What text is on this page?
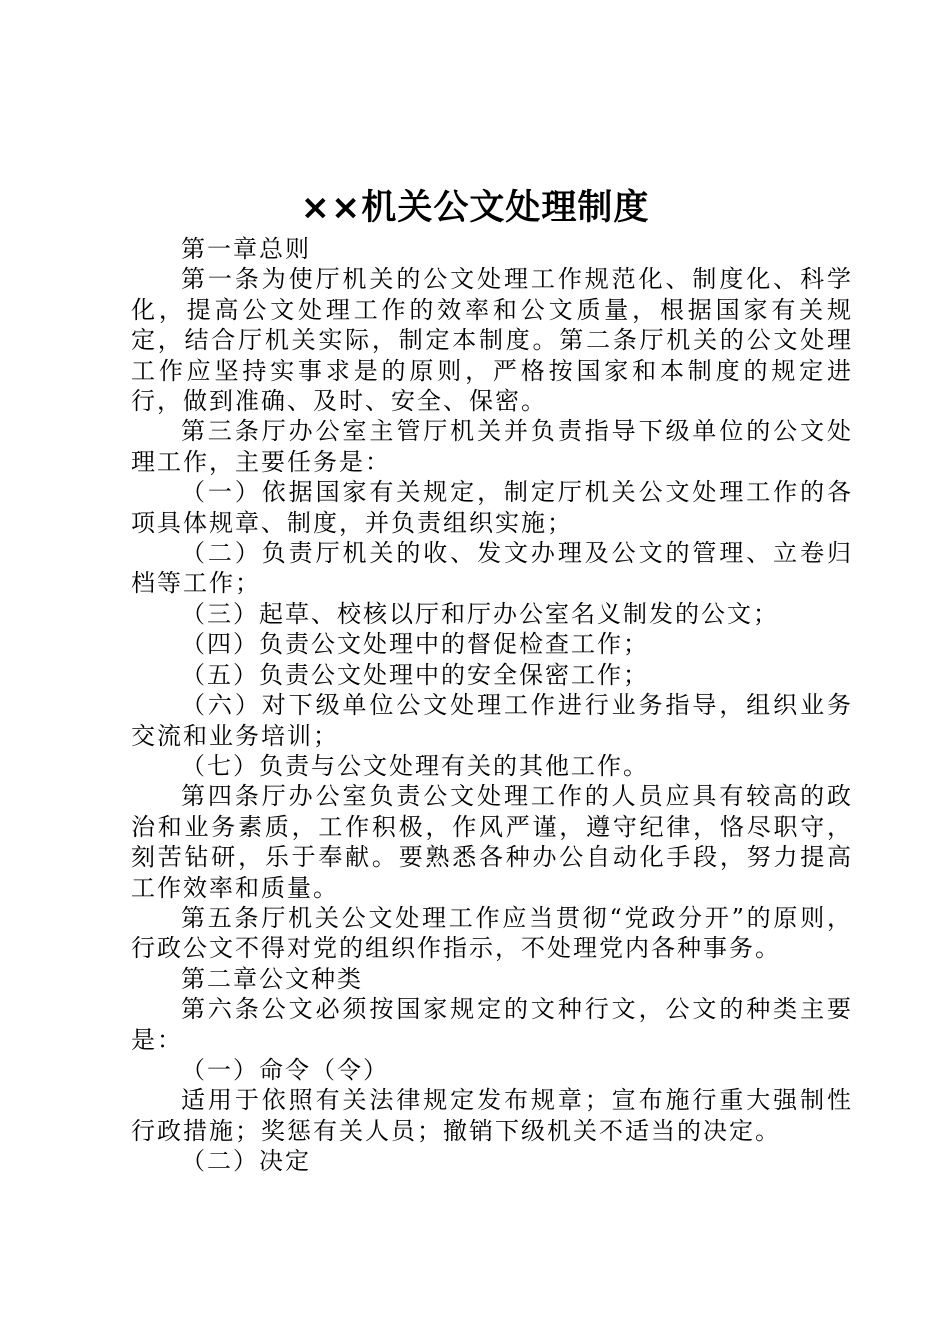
××机关公文处理制度

第一章总则

第一条为使厅机关的公文处理工作规范化、制度化、科学化，提高公文处理工作的效率和公文质量，根据国家有关规定，结合厅机关实际，制定本制度。第二条厅机关的公文处理工作应坚持实事求是的原则，严格按国家和本制度的规定进行，做到准确、及时、安全、保密。

第三条厅办公室主管厅机关并负责指导下级单位的公文处理工作，主要任务是：

（一）依据国家有关规定，制定厅机关公文处理工作的各项具体规章、制度，并负责组织实施；

（二）负责厅机关的收、发文办理及公文的管理、立卷归档等工作；

（三）起草、校核以厅和厅办公室名义制发的公文；

（四）负责公文处理中的督促检查工作；

（五）负责公文处理中的安全保密工作；

（六）对下级单位公文处理工作进行业务指导，组织业务交流和业务培训；

（七）负责与公文处理有关的其他工作。

第四条厅办公室负责公文处理工作的人员应具有较高的政治和业务素质，工作积极，作风严谨，遵守纪律，恪尽职守，刻苦钻研，乐于奉献。要熟悉各种办公自动化手段，努力提高工作效率和质量。

第五条厅机关公文处理工作应当贯彻“党政分开”的原则，行政公文不得对党的组织作指示，不处理党内各种事务。

第二章公文种类

第六条公文必须按国家规定的文种行文，公文的种类主要是：

（一）命令（令）

适用于依照有关法律规定发布规章；宣布施行重大强制性行政措施；奖惩有关人员；撤销下级机关不适当的决定。

（二）决定
